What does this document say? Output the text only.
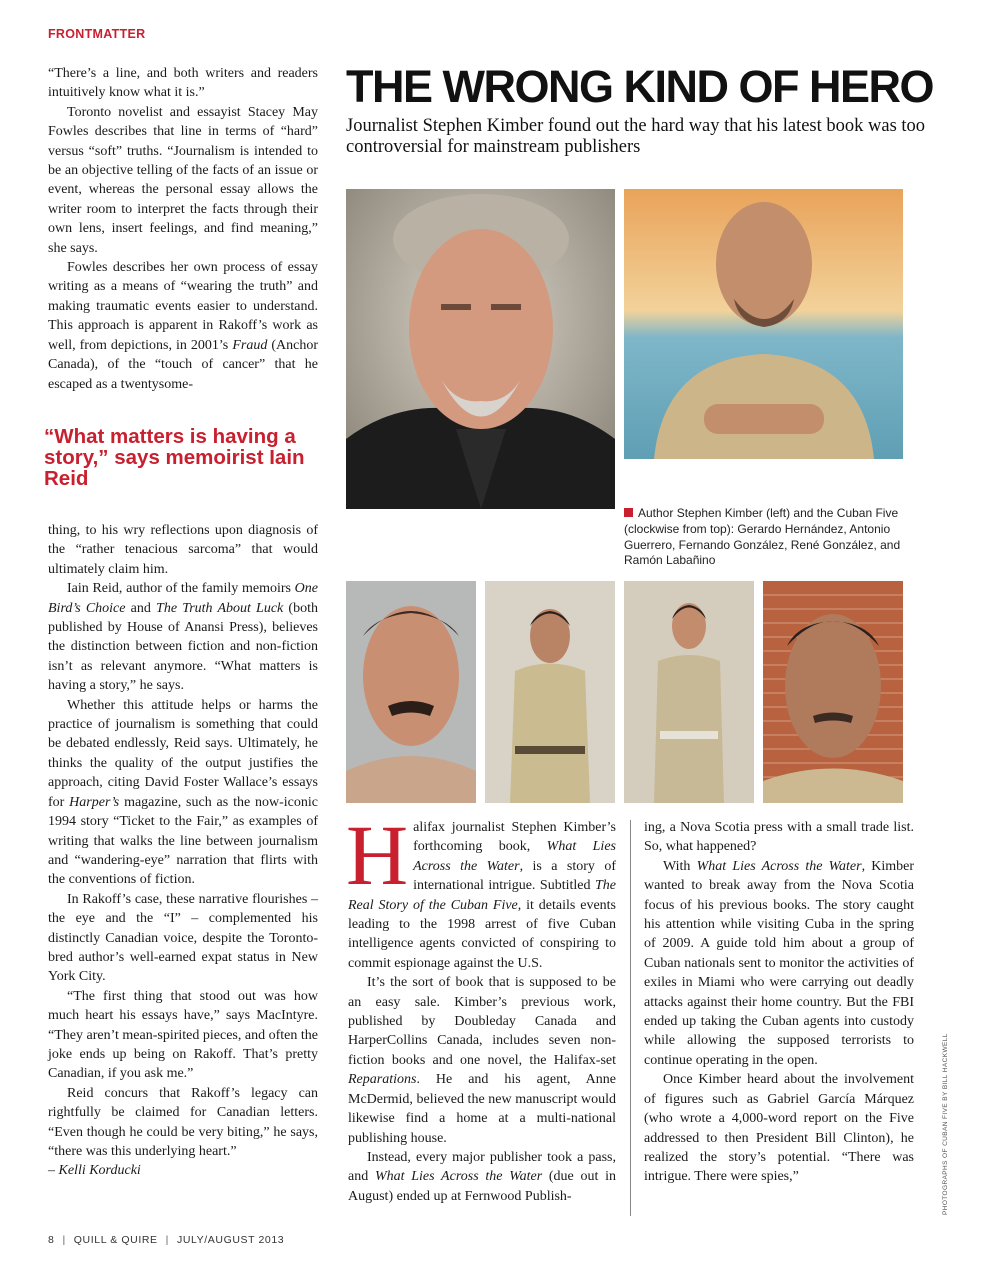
FRONTMATTER

“There’s a line, and both writers and readers intuitively know what it is.”

Toronto novelist and essayist Stacey May Fowles describes that line in terms of “hard” versus “soft” truths. “Journalism is intended to be an objective telling of the facts of an issue or event, whereas the personal essay allows the writer room to interpret the facts through their own lens, insert feelings, and find meaning,” she says.

Fowles describes her own process of essay writing as a means of “wearing the truth” and making traumatic events easier to understand. This approach is apparent in Rakoff’s work as well, from depictions, in 2001’s Fraud (Anchor Canada), of the “touch of cancer” that he escaped as a twentysome-

“What matters is having a story,” says memoirist Iain Reid

thing, to his wry reflections upon diagnosis of the “rather tenacious sarcoma” that would ultimately claim him.

Iain Reid, author of the family memoirs One Bird’s Choice and The Truth About Luck (both published by House of Anansi Press), believes the distinction between fiction and non-fiction isn’t as relevant anymore. “What matters is having a story,” he says.

Whether this attitude helps or harms the practice of journalism is something that could be debated endlessly, Reid says. Ultimately, he thinks the quality of the output justifies the approach, citing David Foster Wallace’s essays for Harper’s magazine, such as the now-iconic 1994 story “Ticket to the Fair,” as examples of writing that walks the line between journalism and “wandering-eye” narration that flirts with the conventions of fiction.

In Rakoff’s case, these narrative flourishes – the eye and the “I” – complemented his distinctly Canadian voice, despite the Toronto-bred author’s well-earned expat status in New York City.

“The first thing that stood out was how much heart his essays have,” says MacIntyre. “They aren’t mean-spirited pieces, and often the joke ends up being on Rakoff. That’s pretty Canadian, if you ask me.”

Reid concurs that Rakoff’s legacy can rightfully be claimed for Canadian letters. “Even though he could be very biting,” he says, “there was this underlying heart.”
– Kelli Korducki

THE WRONG KIND OF HERO
Journalist Stephen Kimber found out the hard way that his latest book was too controversial for mainstream publishers
Author Stephen Kimber (left) and the Cuban Five (clockwise from top): Gerardo Hernández, Antonio Guerrero, Fernando González, René González, and Ramón Labañino

Halifax journalist Stephen Kimber’s forthcoming book, What Lies Across the Water, is a story of international intrigue. Subtitled The Real Story of the Cuban Five, it details events leading to the 1998 arrest of five Cuban intelligence agents convicted of conspiring to commit espionage against the U.S.

It’s the sort of book that is supposed to be an easy sale. Kimber’s previous work, published by Doubleday Canada and HarperCollins Canada, includes seven non-fiction books and one novel, the Halifax-set Reparations. He and his agent, Anne McDermid, believed the new manuscript would likewise find a home at a multi-national publishing house.

Instead, every major publisher took a pass, and What Lies Across the Water (due out in August) ended up at Fernwood Publish-

ing, a Nova Scotia press with a small trade list. So, what happened?

With What Lies Across the Water, Kimber wanted to break away from the Nova Scotia focus of his previous books. The story caught his attention while visiting Cuba in the spring of 2009. A guide told him about a group of Cuban nationals sent to monitor the activities of exiles in Miami who were carrying out deadly attacks against their home country. But the FBI ended up taking the Cuban agents into custody while allowing the supposed terrorists to continue operating in the open.

Once Kimber heard about the involvement of figures such as Gabriel García Márquez (who wrote a 4,000-word report on the Five addressed to then President Bill Clinton), he realized the story’s potential. “There was intrigue. There were spies,”	PHOTOGRAPHS OF CUBAN FIVE BY BILL HACKWELL
8 | QUILL & QUIRE | JULY/AUGUST 2013
